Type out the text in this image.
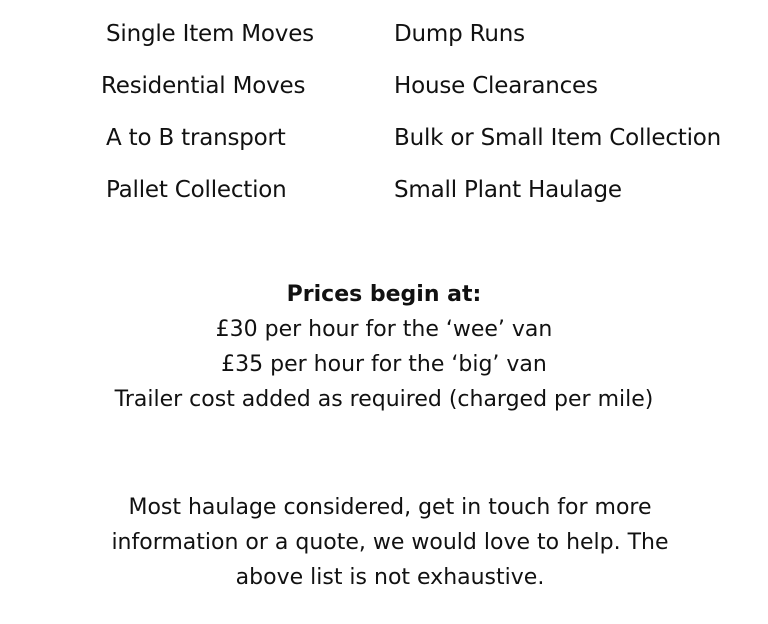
Single Item Moves
Residential Moves
A to B transport
Pallet Collection
Dump Runs
House Clearances
Bulk or Small Item Collection
Small Plant Haulage
Prices begin at:
£30 per hour for the ‘wee’ van
£35 per hour for the ‘big’ van
Trailer cost added as required (charged per mile)
Most haulage considered, get in touch for more
information or a quote, we would love to help. The
above list is not exhaustive.
